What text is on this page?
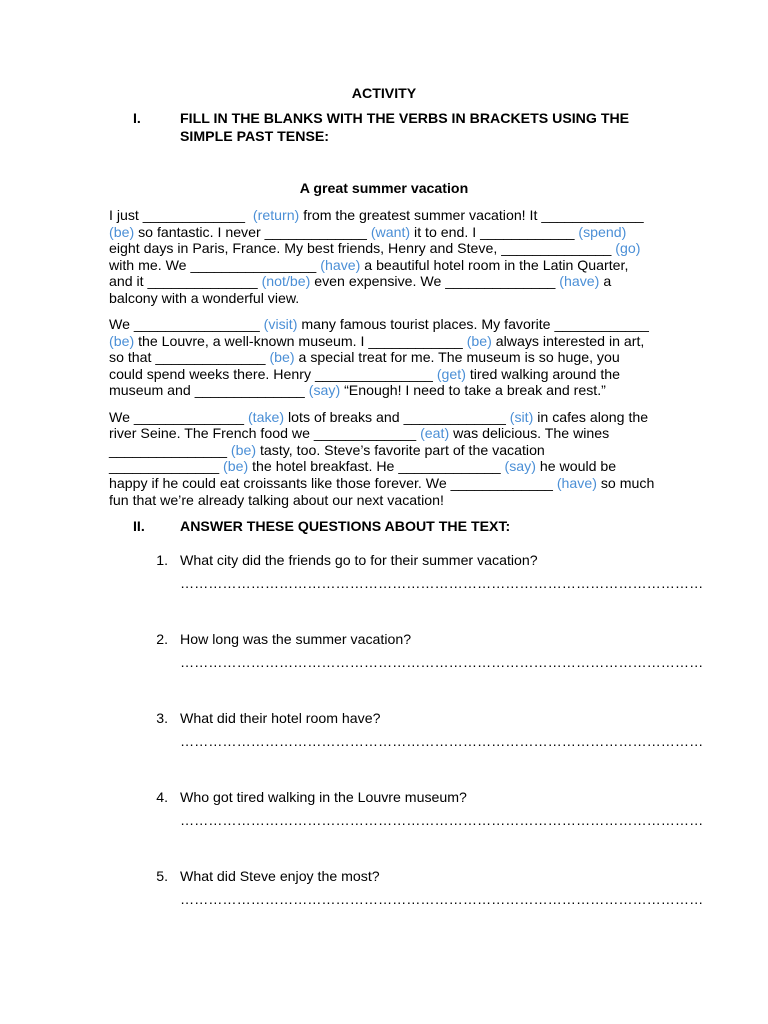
ACTIVITY
I.	FILL IN THE BLANKS WITH THE VERBS IN BRACKETS USING THE
SIMPLE PAST TENSE:
A great summer vacation
I just _____________ (return) from the greatest summer vacation! It _____________
(be) so fantastic. I never _____________ (want) it to end. I ____________ (spend)
eight days in Paris, France. My best friends, Henry and Steve, ______________ (go)
with me. We ________________ (have) a beautiful hotel room in the Latin Quarter,
and it ______________ (not/be) even expensive. We ______________ (have) a
balcony with a wonderful view.
We ________________ (visit) many famous tourist places. My favorite ____________
(be) the Louvre, a well-known museum. I ____________ (be) always interested in art,
so that ______________ (be) a special treat for me. The museum is so huge, you
could spend weeks there. Henry _______________ (get) tired walking around the
museum and ______________ (say) “Enough! I need to take a break and rest.”
We ______________ (take) lots of breaks and _____________ (sit) in cafes along the
river Seine. The French food we _____________ (eat) was delicious. The wines
_______________ (be) tasty, too. Steve’s favorite part of the vacation
______________ (be) the hotel breakfast. He _____________ (say) he would be
happy if he could eat croissants like those forever. We _____________ (have) so much
fun that we’re already talking about our next vacation!
II. ANSWER THESE QUESTIONS ABOUT THE TEXT:
1. What city did the friends go to for their summer vacation?
…………………………………………………………………………………………………
2. How long was the summer vacation?
…………………………………………………………………………………………………
3. What did their hotel room have?
…………………………………………………………………………………………………
4. Who got tired walking in the Louvre museum?
…………………………………………………………………………………………………
5. What did Steve enjoy the most?
…………………………………………………………………………………………………
